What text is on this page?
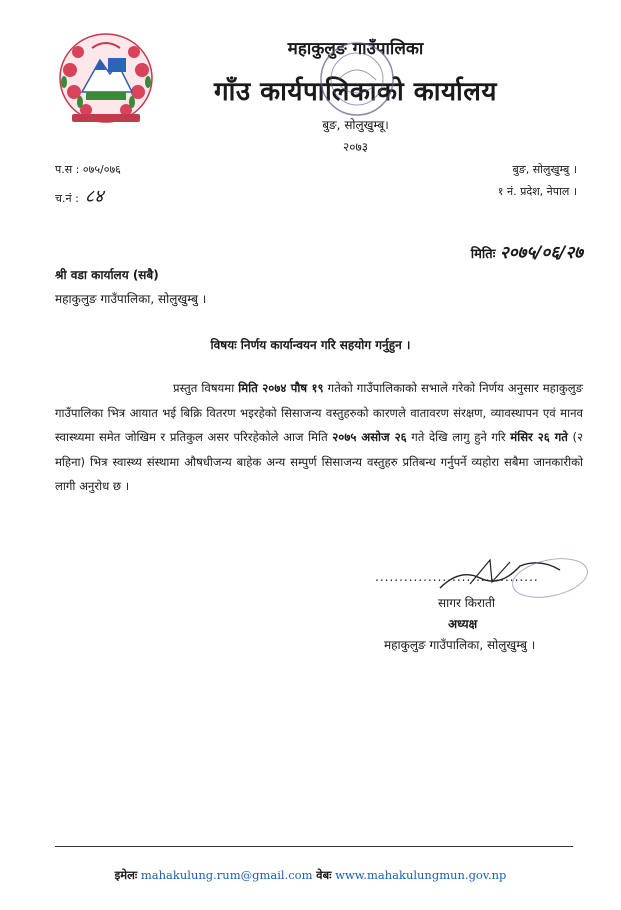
महाकुलुङ गाउँपालिका
गाँउ कार्यपालिकाको कार्यालय
बुङ, सोलुखुम्बू।
२०७३
प.स : ०७५/०७६
च.नं : ८४
बुङ, सोलुखुम्बु ।
१ नं. प्रदेश, नेपाल ।
मितिः २०७५/०६/२७
श्री वडा कार्यालय (सबै)
महाकुलुङ गाउँपालिका, सोलुखुम्बु ।
विषयः निर्णय कार्यान्वयन गरि सहयोग गर्नुहुन ।
प्रस्तुत विषयमा मिति २०७४ पौष १९ गतेको गाउँपालिकाको सभाले गरेको निर्णय अनुसार महाकुलुङ गाउँपालिका भित्र आयात भई बिक्रि वितरण भइरहेको सिसाजन्य वस्तुहरुको कारणले वातावरण संरक्षण, व्यावस्थापन एवं मानव स्वास्थ्यमा समेत जोखिम र प्रतिकुल असर परिरहेकोले आज मिति २०७५ असोज २६ गते देखि लागु हुने गरि मंसिर २६ गते (२ महिना) भित्र स्वास्थ्य संस्थामा औषधीजन्य बाहेक अन्य सम्पुर्ण सिसाजन्य वस्तुहरु प्रतिबन्ध गर्नुपर्ने व्यहोरा सबैमा जानकारीको लागी अनुरोध छ ।
..................................
सागर किराती
अध्यक्ष
महाकुलुङ गाउँपालिका, सोलुखुम्बु ।
इमेलः mahakulung.rum@gmail.com वेबः www.mahakulungmun.gov.np
